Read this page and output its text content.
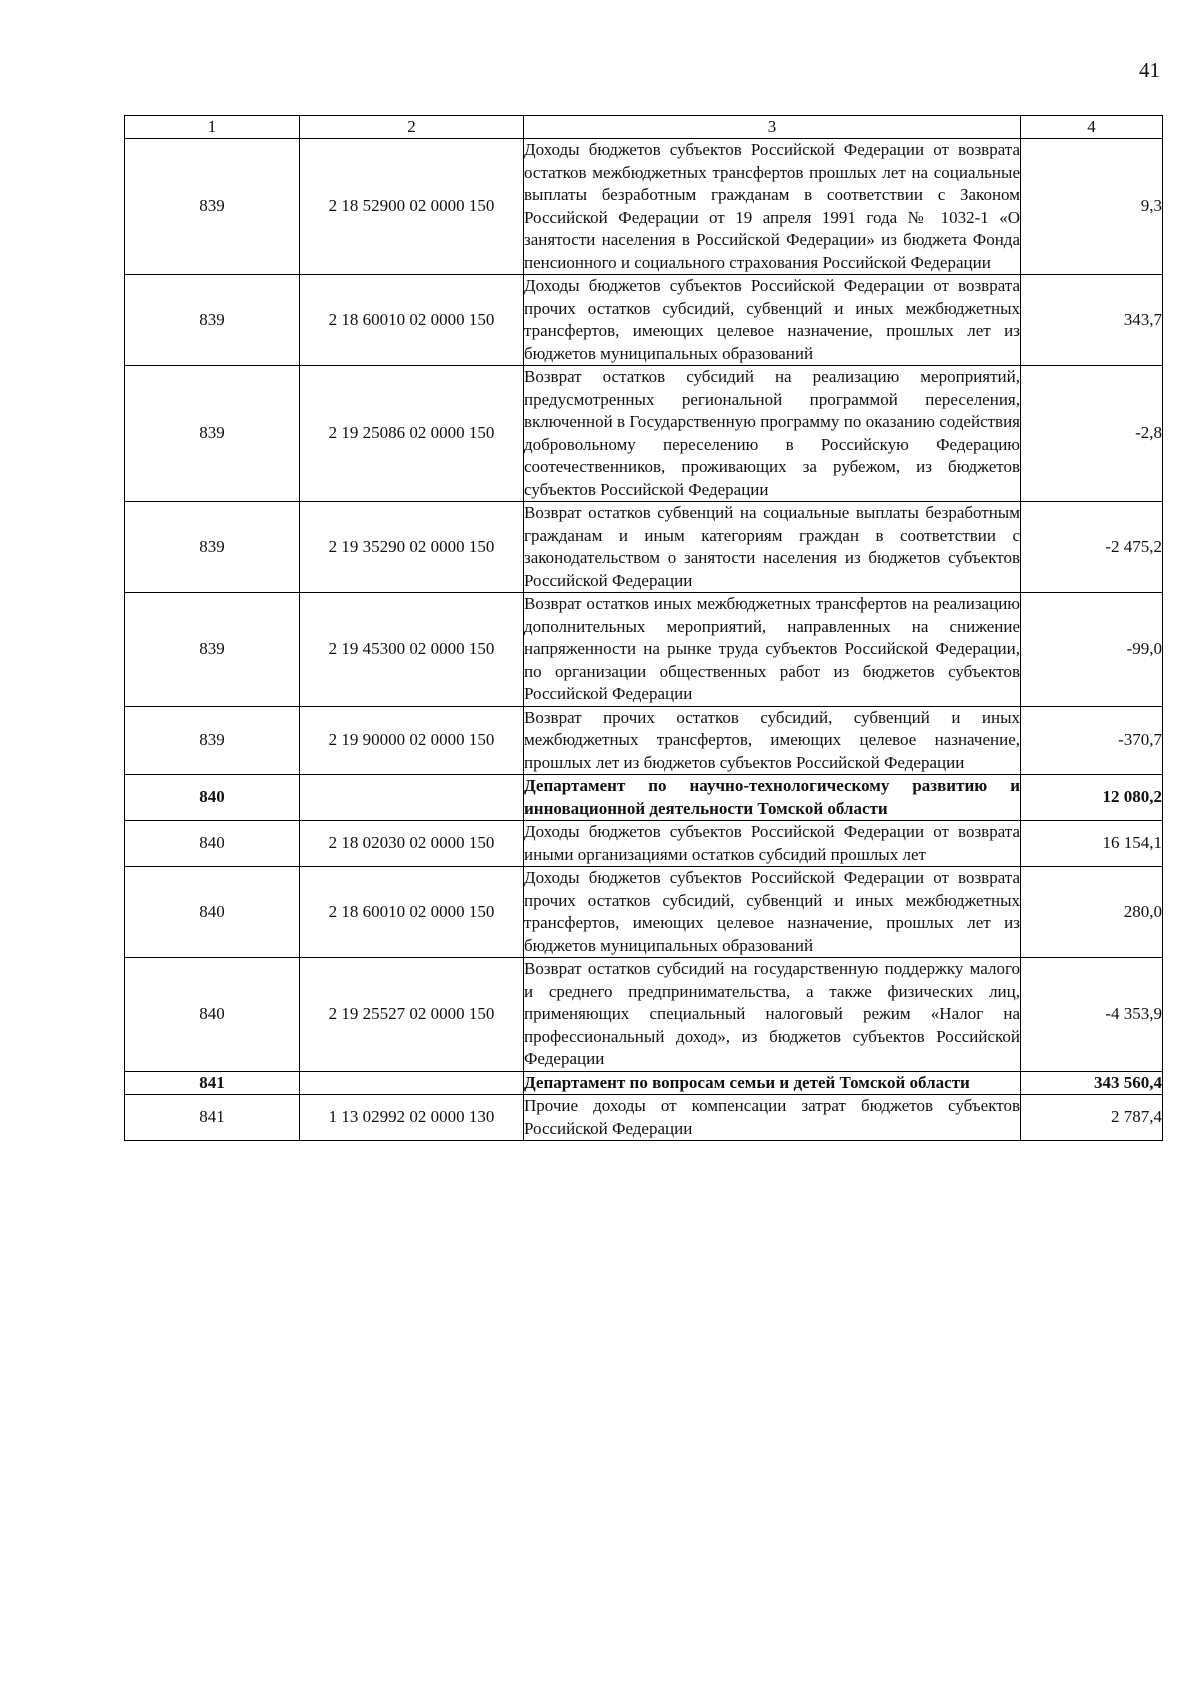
41
1	2	3	4
839	2 18 52900 02 0000 150	Доходы бюджетов субъектов Российской Федерации от возврата остатков межбюджетных трансфертов прошлых лет на социальные выплаты безработным гражданам в соответствии с Законом Российской Федерации от 19 апреля 1991 года № 1032-1 «О занятости населения в Российской Федерации» из бюджета Фонда пенсионного и социального страхования Российской Федерации	9,3
839	2 18 60010 02 0000 150	Доходы бюджетов субъектов Российской Федерации от возврата прочих остатков субсидий, субвенций и иных межбюджетных трансфертов, имеющих целевое назначение, прошлых лет из бюджетов муниципальных образований	343,7
839	2 19 25086 02 0000 150	Возврат остатков субсидий на реализацию мероприятий, предусмотренных региональной программой переселения, включенной в Государственную программу по оказанию содействия добровольному переселению в Российскую Федерацию соотечественников, проживающих за рубежом, из бюджетов субъектов Российской Федерации	-2,8
839	2 19 35290 02 0000 150	Возврат остатков субвенций на социальные выплаты безработным гражданам и иным категориям граждан в соответствии с законодательством о занятости населения из бюджетов субъектов Российской Федерации	-2 475,2
839	2 19 45300 02 0000 150	Возврат остатков иных межбюджетных трансфертов на реализацию дополнительных мероприятий, направленных на снижение напряженности на рынке труда субъектов Российской Федерации, по организации общественных работ из бюджетов субъектов Российской Федерации	-99,0
839	2 19 90000 02 0000 150	Возврат прочих остатков субсидий, субвенций и иных межбюджетных трансфертов, имеющих целевое назначение, прошлых лет из бюджетов субъектов Российской Федерации	-370,7
840		Департамент по научно-технологическому развитию и инновационной деятельности Томской области	12 080,2
840	2 18 02030 02 0000 150	Доходы бюджетов субъектов Российской Федерации от возврата иными организациями остатков субсидий прошлых лет	16 154,1
840	2 18 60010 02 0000 150	Доходы бюджетов субъектов Российской Федерации от возврата прочих остатков субсидий, субвенций и иных межбюджетных трансфертов, имеющих целевое назначение, прошлых лет из бюджетов муниципальных образований	280,0
840	2 19 25527 02 0000 150	Возврат остатков субсидий на государственную поддержку малого и среднего предпринимательства, а также физических лиц, применяющих специальный налоговый режим «Налог на профессиональный доход», из бюджетов субъектов Российской Федерации	-4 353,9
841		Департамент по вопросам семьи и детей Томской области	343 560,4
841	1 13 02992 02 0000 130	Прочие доходы от компенсации затрат бюджетов субъектов Российской Федерации	2 787,4
